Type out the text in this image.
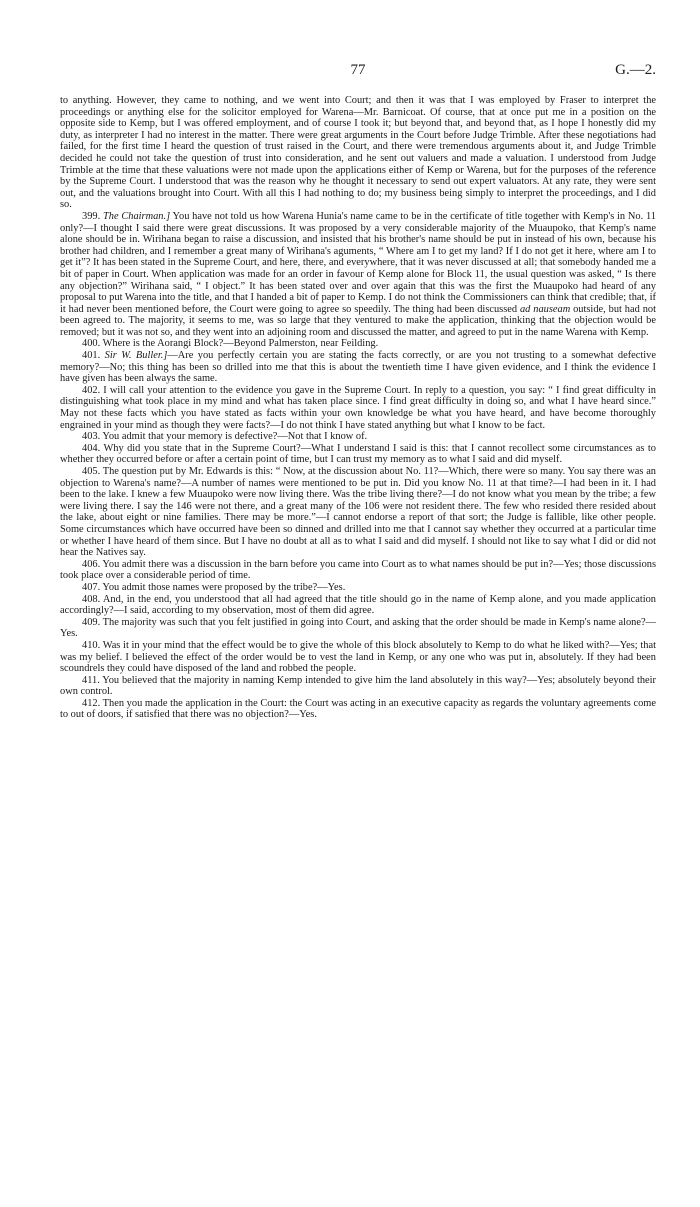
77	G.—2.

to anything. However, they came to nothing, and we went into Court; and then it was that I was employed by Fraser to interpret the proceedings or anything else for the solicitor employed for Warena—Mr. Barnicoat. Of course, that at once put me in a position on the opposite side to Kemp, but I was offered employment, and of course I took it; but beyond that, and beyond that, as I hope I honestly did my duty, as interpreter I had no interest in the matter. There were great arguments in the Court before Judge Trimble. After these negotiations had failed, for the first time I heard the question of trust raised in the Court, and there were tremendous arguments about it, and Judge Trimble decided he could not take the question of trust into consideration, and he sent out valuers and made a valuation. I understood from Judge Trimble at the time that these valuations were not made upon the applications either of Kemp or Warena, but for the purposes of the reference by the Supreme Court. I understood that was the reason why he thought it necessary to send out expert valuators. At any rate, they were sent out, and the valuations brought into Court. With all this I had nothing to do; my business being simply to interpret the proceedings, and I did so.

399. The Chairman.] You have not told us how Warena Hunia's name came to be in the certificate of title together with Kemp's in No. 11 only?—I thought I said there were great discussions. It was proposed by a very considerable majority of the Muaupoko, that Kemp's name alone should be in. Wirihana began to raise a discussion, and insisted that his brother's name should be put in instead of his own, because his brother had children, and I remember a great many of Wirihana's aguments, “ Where am I to get my land? If I do not get it here, where am I to get it”? It has been stated in the Supreme Court, and here, there, and everywhere, that it was never discussed at all; that somebody handed me a bit of paper in Court. When application was made for an order in favour of Kemp alone for Block 11, the usual question was asked, “ Is there any objection?” Wirihana said, “ I object.” It has been stated over and over again that this was the first the Muaupoko had heard of any proposal to put Warena into the title, and that I handed a bit of paper to Kemp. I do not think the Commissioners can think that credible; that, if it had never been mentioned before, the Court were going to agree so speedily. The thing had been discussed ad nauseam outside, but had not been agreed to. The majority, it seems to me, was so large that they ventured to make the application, thinking that the objection would be removed; but it was not so, and they went into an adjoining room and discussed the matter, and agreed to put in the name Warena with Kemp.

400. Where is the Aorangi Block?—Beyond Palmerston, near Feilding.

401. Sir W. Buller.]—Are you perfectly certain you are stating the facts correctly, or are you not trusting to a somewhat defective memory?—No; this thing has been so drilled into me that this is about the twentieth time I have given evidence, and I think the evidence I have given has been always the same.

402. I will call your attention to the evidence you gave in the Supreme Court. In reply to a question, you say: “ I find great difficulty in distinguishing what took place in my mind and what has taken place since. I find great difficulty in doing so, and what I have heard since.” May not these facts which you have stated as facts within your own knowledge be what you have heard, and have become thoroughly engrained in your mind as though they were facts?—I do not think I have stated anything but what I know to be fact.

403. You admit that your memory is defective?—Not that I know of.

404. Why did you state that in the Supreme Court?—What I understand I said is this: that I cannot recollect some circumstances as to whether they occurred before or after a certain point of time, but I can trust my memory as to what I said and did myself.

405. The question put by Mr. Edwards is this: “ Now, at the discussion about No. 11?—Which, there were so many. You say there was an objection to Warena's name?—A number of names were mentioned to be put in. Did you know No. 11 at that time?—I had been in it. I had been to the lake. I knew a few Muaupoko were now living there. Was the tribe living there?—I do not know what you mean by the tribe; a few were living there. I say the 146 were not there, and a great many of the 106 were not resident there. The few who resided there resided about the lake, about eight or nine families. There may be more.”—I cannot endorse a report of that sort; the Judge is fallible, like other people. Some circumstances which have occurred have been so dinned and drilled into me that I cannot say whether they occurred at a particular time or whether I have heard of them since. But I have no doubt at all as to what I said and did myself. I should not like to say what I did or did not hear the Natives say.

406. You admit there was a discussion in the barn before you came into Court as to what names should be put in?—Yes; those discussions took place over a considerable period of time.

407. You admit those names were proposed by the tribe?—Yes.

408. And, in the end, you understood that all had agreed that the title should go in the name of Kemp alone, and you made application accordingly?—I said, according to my observation, most of them did agree.

409. The majority was such that you felt justified in going into Court, and asking that the order should be made in Kemp's name alone?—Yes.

410. Was it in your mind that the effect would be to give the whole of this block absolutely to Kemp to do what he liked with?—Yes; that was my belief. I believed the effect of the order would be to vest the land in Kemp, or any one who was put in, absolutely. If they had been scoundrels they could have disposed of the land and robbed the people.

411. You believed that the majority in naming Kemp intended to give him the land absolutely in this way?—Yes; absolutely beyond their own control.

412. Then you made the application in the Court: the Court was acting in an executive capacity as regards the voluntary agreements come to out of doors, if satisfied that there was no objection?—Yes.
